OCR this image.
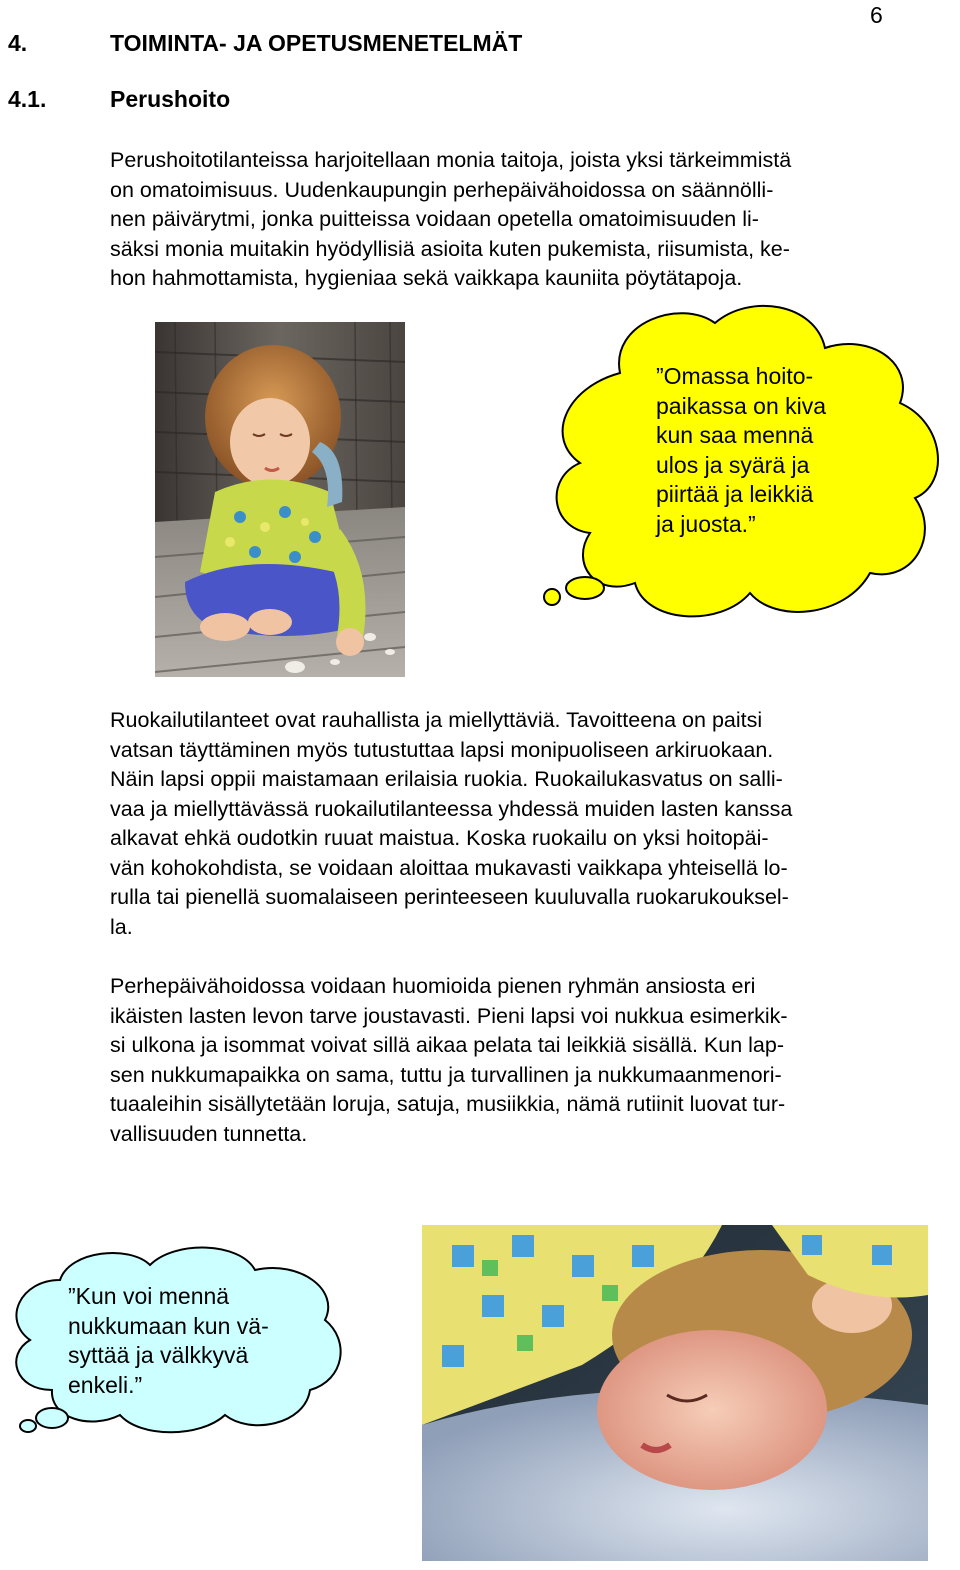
6
4.	TOIMINTA- JA OPETUSMENETELMÄT
4.1.	Perushoito
Perushoitotilanteissa harjoitellaan monia taitoja, joista yksi tärkeimmistä
on omatoimisuus. Uudenkaupungin perhepäivähoidossa on säännölli-
nen päivärytmi, jonka puitteissa voidaan opetella omatoimisuuden li-
säksi monia muitakin hyödyllisiä asioita kuten pukemista, riisumista, ke-
hon hahmottamista, hygieniaa sekä vaikkapa kauniita pöytätapoja.
”Omassa hoito-
paikassa on kiva
kun saa mennä
ulos ja syärä ja
piirtää ja leikkiä
ja juosta.”
Ruokailutilanteet ovat rauhallista ja miellyttäviä. Tavoitteena on paitsi
vatsan täyttäminen myös tutustuttaa lapsi monipuoliseen arkiruokaan.
Näin lapsi oppii maistamaan erilaisia ruokia. Ruokailukasvatus on salli-
vaa ja miellyttävässä ruokailutilanteessa yhdessä muiden lasten kanssa
alkavat ehkä oudotkin ruuat maistua. Koska ruokailu on yksi hoitopäi-
vän kohokohdista, se voidaan aloittaa mukavasti vaikkapa yhteisellä lo-
rulla tai pienellä suomalaiseen perinteeseen kuuluvalla ruokarukouksel-
la.
Perhepäivähoidossa voidaan huomioida pienen ryhmän ansiosta eri
ikäisten lasten levon tarve joustavasti. Pieni lapsi voi nukkua esimerkik-
si ulkona ja isommat voivat sillä aikaa pelata tai leikkiä sisällä. Kun lap-
sen nukkumapaikka on sama, tuttu ja turvallinen ja nukkumaanmenori-
tuaaleihin sisällytetään loruja, satuja, musiikkia, nämä rutiinit luovat tur-
vallisuuden tunnetta.
”Kun voi mennä
nukkumaan kun vä-
syttää ja välkkyvä
enkeli.”
